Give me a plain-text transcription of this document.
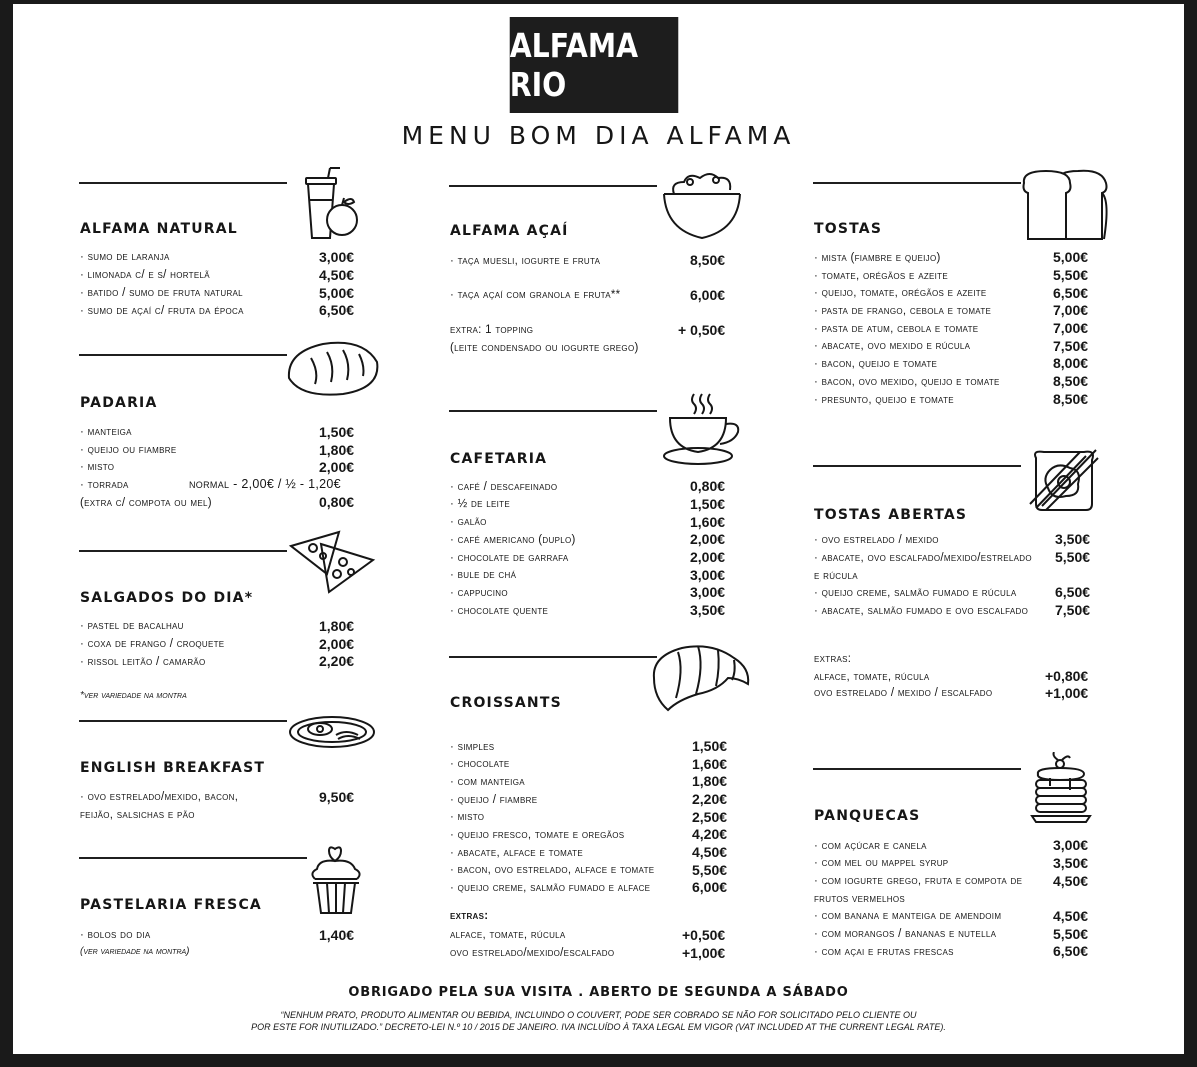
ALFAMA RIO
MENU BOM DIA ALFAMA
ALFAMA NATURAL
· sumo de laranja	3,00€
· limonada c/ e s/ hortelã	4,50€
· batido / sumo de fruta natural	5,00€
· sumo de açaí c/ fruta da época	6,50€
PADARIA
· manteiga	1,50€
· queijo ou fiambre	1,80€
· misto	2,00€
· torrada	normal - 2,00€ / ½ - 1,20€
(extra c/ compota ou mel)	0,80€
SALGADOS DO DIA*
· pastel de bacalhau	1,80€
· coxa de frango / croquete	2,00€
· rissol leitão / camarão	2,20€
*ver variedade na montra
ENGLISH BREAKFAST
· ovo estrelado/mexido, bacon,
feijão, salsichas e pão
9,50€
PASTELARIA FRESCA
· bolos do dia	1,40€
(ver variedade na montra)
ALFAMA AÇAÍ
· taça muesli, iogurte e fruta	8,50€
· taça açaí com granola e fruta**	6,00€
extra: 1 topping	+ 0,50€
(leite condensado ou iogurte grego)
CAFETARIA
· café / descafeinado	0,80€
· ½ de leite	1,50€
· galão	1,60€
· café americano (duplo)	2,00€
· chocolate de garrafa	2,00€
· bule de chá	3,00€
· cappucino	3,00€
· chocolate quente	3,50€
CROISSANTS
· simples	1,50€
· chocolate	1,60€
· com manteiga	1,80€
· queijo / fiambre	2,20€
· misto	2,50€
· queijo fresco, tomate e oregãos	4,20€
· abacate, alface e tomate	4,50€
· bacon, ovo estrelado, alface e tomate	5,50€
· queijo creme, salmão fumado e alface	6,00€
extras:
alface, tomate, rúcula	+0,50€
ovo estrelado/mexido/escalfado	+1,00€
TOSTAS
· mista (fiambre e queijo)	5,00€
· tomate, orégãos e azeite	5,50€
· queijo, tomate, orégãos e azeite	6,50€
· pasta de frango, cebola e tomate	7,00€
· pasta de atum, cebola e tomate	7,00€
· abacate, ovo mexido e rúcula	7,50€
· bacon, queijo e tomate	8,00€
· bacon, ovo mexido, queijo e tomate	8,50€
· presunto, queijo e tomate	8,50€
TOSTAS ABERTAS
· ovo estrelado / mexido	3,50€
· abacate, ovo escalfado/mexido/estrelado 5,50€
e rúcula
· queijo creme, salmão fumado e rúcula	6,50€
· abacate, salmão fumado e ovo escalfado 7,50€
extras:
alface, tomate, rúcula	+0,80€
ovo estrelado / mexido / escalfado	+1,00€
PANQUECAS
· com açúcar e canela	3,00€
· com mel ou mappel syrup	3,50€
· com iogurte grego, fruta e compota de 4,50€
frutos vermelhos
· com banana e manteiga de amendoim	4,50€
· com morangos / bananas e nutella	5,50€
· com açai e frutas frescas	6,50€
OBRIGADO PELA SUA VISITA . ABERTO DE SEGUNDA A SÁBADO
“NENHUM PRATO, PRODUTO ALIMENTAR OU BEBIDA, INCLUINDO O COUVERT, PODE SER COBRADO SE NÃO FOR SOLICITADO PELO CLIENTE OU
POR ESTE FOR INUTILIZADO.” DECRETO-LEI N.º 10 / 2015 DE JANEIRO. IVA INCLUÍDO À TAXA LEGAL EM VIGOR (VAT INCLUDED AT THE CURRENT LEGAL RATE).
